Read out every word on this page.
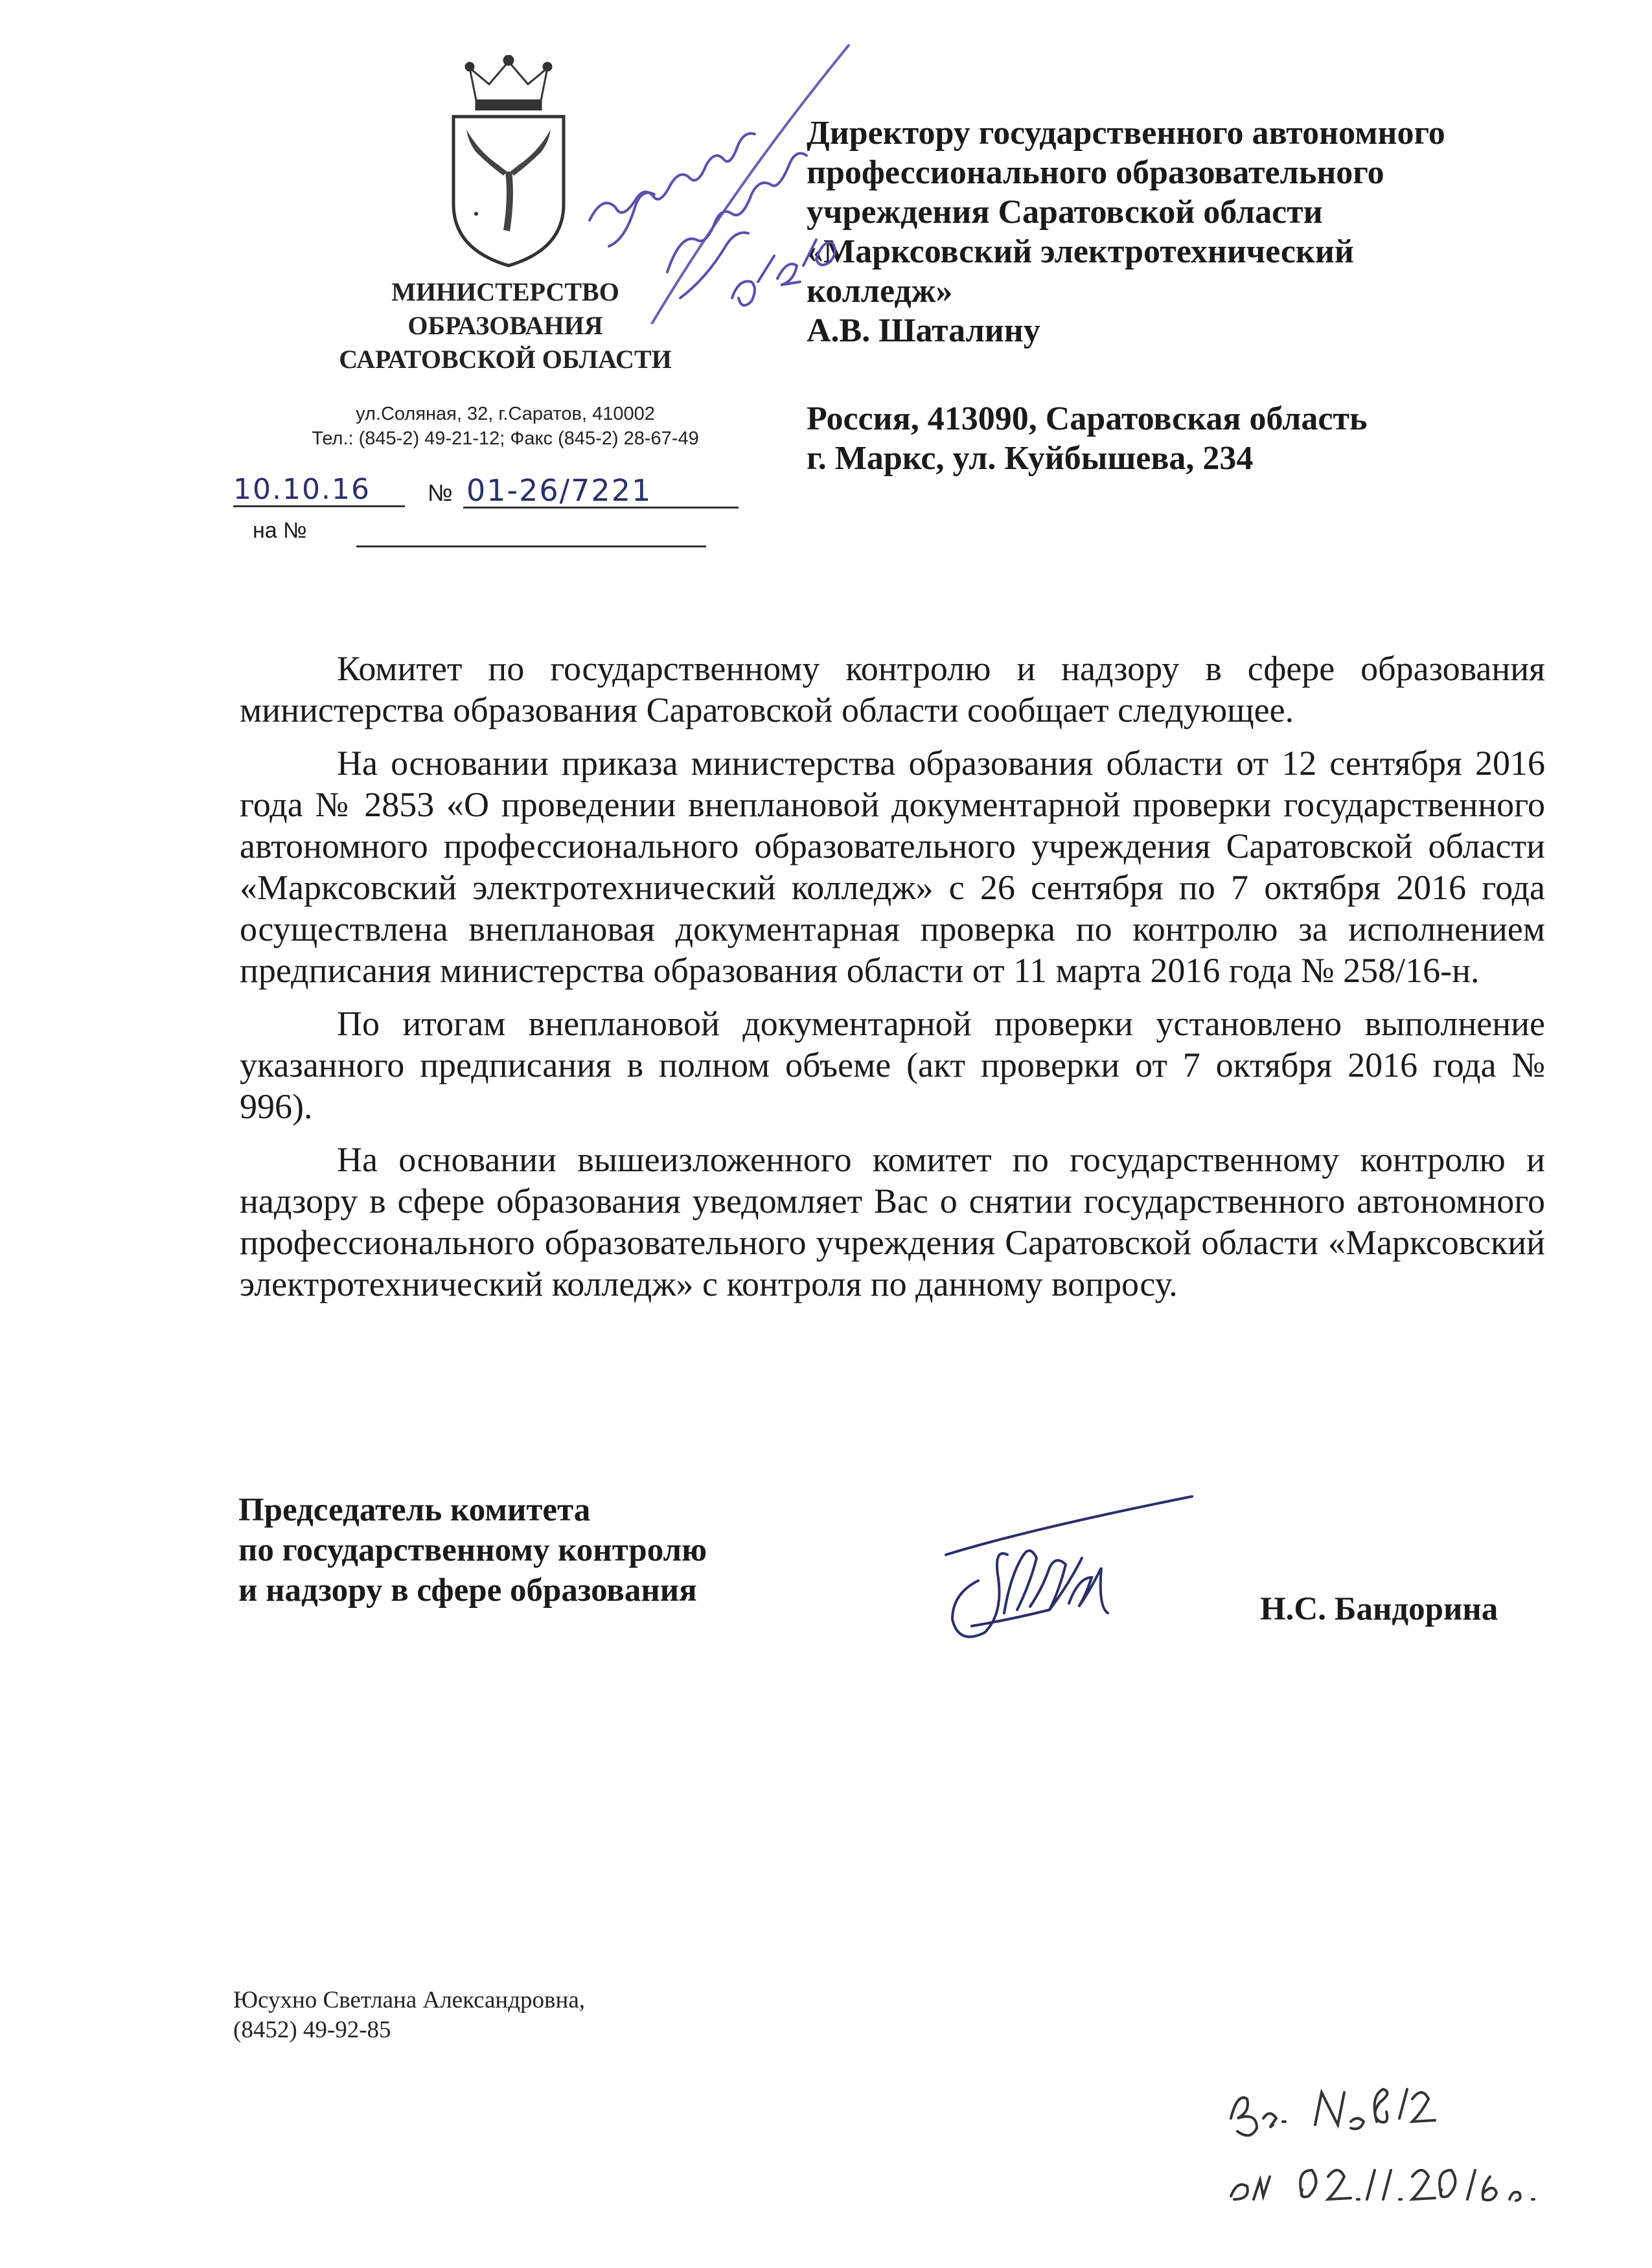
МИНИСТЕРСТВО
ОБРАЗОВАНИЯ
САРАТОВСКОЙ ОБЛАСТИ
ул.Соляная, 32, г.Саратов, 410002
Тел.: (845-2) 49-21-12; Факс (845-2) 28-67-49
10.10.16	№ 01-26/7221
на №
Директору государственного автономного
профессионального образовательного
учреждения Саратовской области
«Марксовский электротехнический
колледж»
А.В. Шаталину
Россия, 413090, Саратовская область
г. Маркс, ул. Куйбышева, 234

Комитет по государственному контролю и надзору в сфере образования министерства образования Саратовской области сообщает следующее.

На основании приказа министерства образования области от 12 сентября 2016 года № 2853 «О проведении внеплановой документарной проверки государственного автономного профессионального образовательного учреждения Саратовской области «Марксовский электротехнический колледж» с 26 сентября по 7 октября 2016 года осуществлена внеплановая документарная проверка по контролю за исполнением предписания министерства образования области от 11 марта 2016 года № 258/16-н.

По итогам внеплановой документарной проверки установлено выполнение указанного предписания в полном объеме (акт проверки от 7 октября 2016 года № 996).

На основании вышеизложенного комитет по государственному контролю и надзору в сфере образования уведомляет Вас о снятии государственного автономного профессионального образовательного учреждения Саратовской области «Марксовский электротехнический колледж» с контроля по данному вопросу.

Председатель комитета
по государственному контролю
и надзору в сфере образования
Н.С. Бандорина
Юсухно Светлана Александровна,
(8452) 49-92-85
